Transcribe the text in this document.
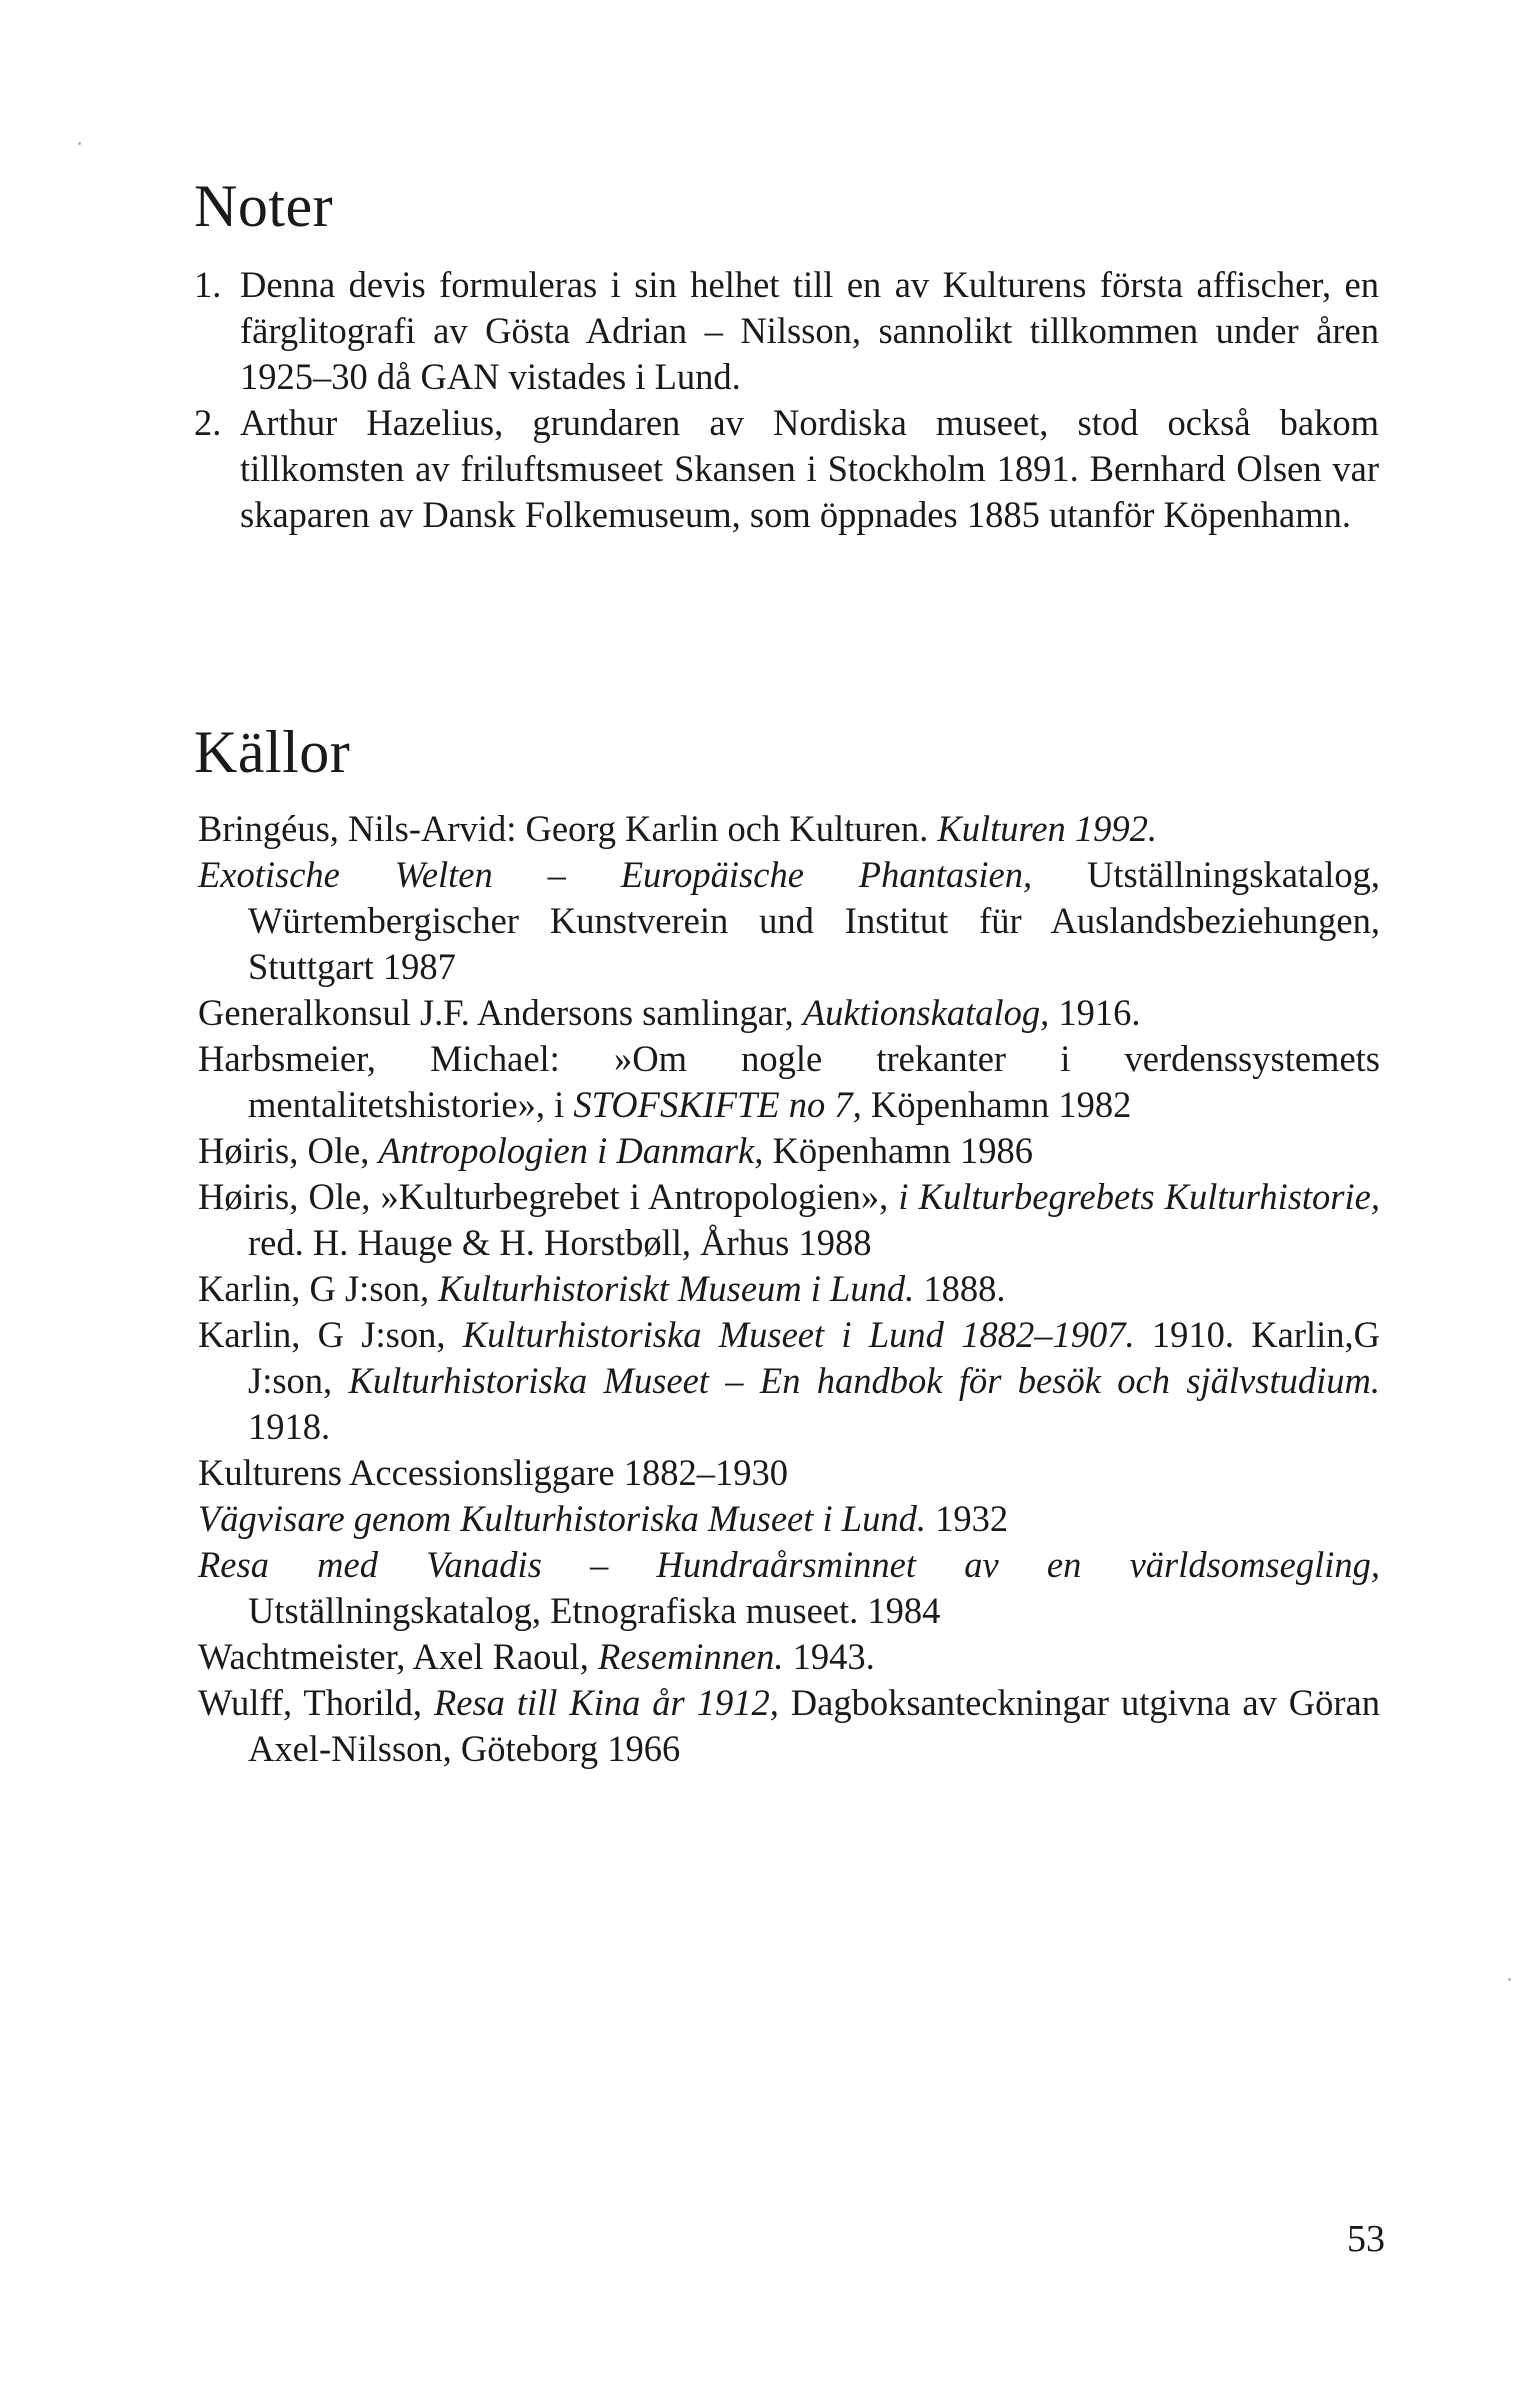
Noter
1. Denna devis formuleras i sin helhet till en av Kulturens första affischer, en färglitografi av Gösta Adrian – Nilsson, sannolikt tillkommen under åren 1925–30 då GAN vistades i Lund.
2. Arthur Hazelius, grundaren av Nordiska museet, stod också bakom tillkomsten av friluftsmuseet Skansen i Stockholm 1891. Bernhard Olsen var skaparen av Dansk Folkemuseum, som öppnades 1885 utanför Köpenhamn.
Källor
Bringéus, Nils-Arvid: Georg Karlin och Kulturen. Kulturen 1992.
Exotische Welten – Europäische Phantasien, Utställningskatalog, Würtembergischer Kunstverein und Institut für Auslandsbeziehungen, Stuttgart 1987
Generalkonsul J.F. Andersons samlingar, Auktionskatalog, 1916.
Harbsmeier, Michael: »Om nogle trekanter i verdenssystemets mentalitetshistorie», i STOFSKIFTE no 7, Köpenhamn 1982
Høiris, Ole, Antropologien i Danmark, Köpenhamn 1986
Høiris, Ole, »Kulturbegrebet i Antropologien», i Kulturbegrebets Kulturhistorie, red. H. Hauge & H. Horstbøll, Århus 1988
Karlin, G J:son, Kulturhistoriskt Museum i Lund. 1888.
Karlin, G J:son, Kulturhistoriska Museet i Lund 1882–1907. 1910. Karlin,G J:son, Kulturhistoriska Museet – En handbok för besök och självstudium. 1918.
Kulturens Accessionsliggare 1882–1930
Vägvisare genom Kulturhistoriska Museet i Lund. 1932
Resa med Vanadis – Hundraårsminnet av en världsomsegling, Utställningskatalog, Etnografiska museet. 1984
Wachtmeister, Axel Raoul, Reseminnen. 1943.
Wulff, Thorild, Resa till Kina år 1912, Dagboksanteckningar utgivna av Göran Axel-Nilsson, Göteborg 1966
53
